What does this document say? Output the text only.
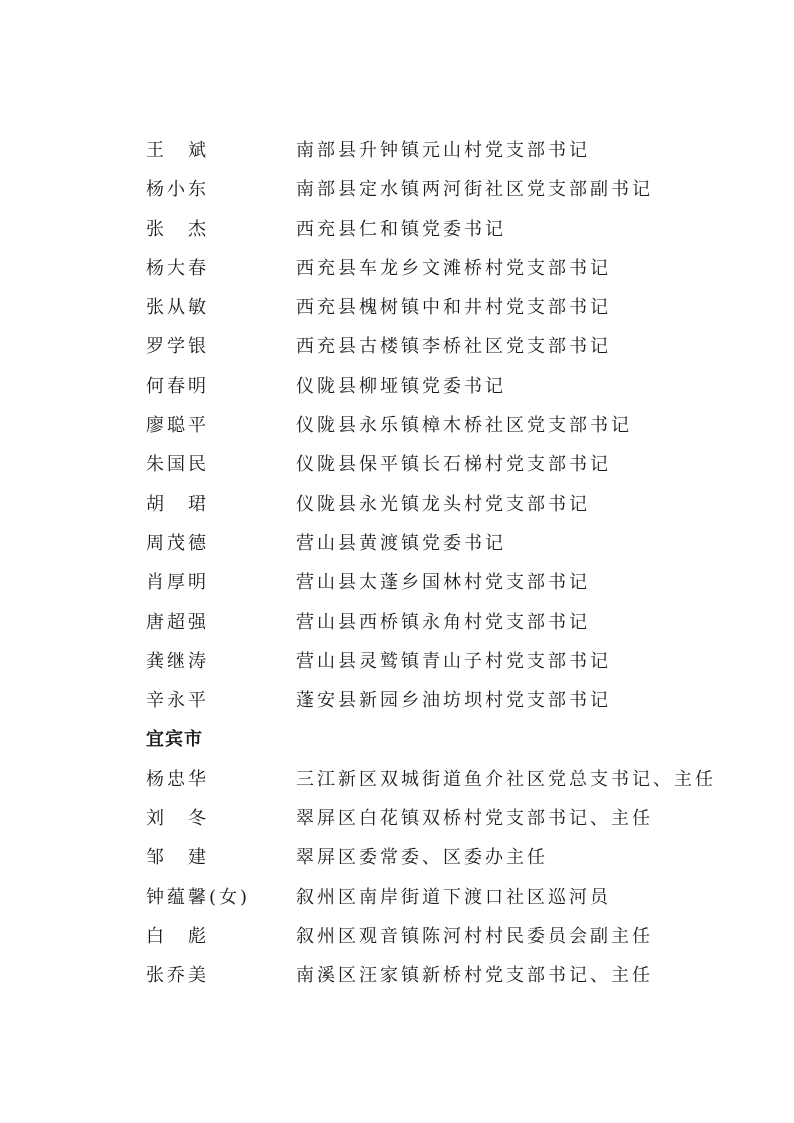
王　斌	南部县升钟镇元山村党支部书记
杨小东	南部县定水镇两河街社区党支部副书记
张　杰	西充县仁和镇党委书记
杨大春	西充县车龙乡文滩桥村党支部书记
张从敏	西充县槐树镇中和井村党支部书记
罗学银	西充县古楼镇李桥社区党支部书记
何春明	仪陇县柳垭镇党委书记
廖聪平	仪陇县永乐镇樟木桥社区党支部书记
朱国民	仪陇县保平镇长石梯村党支部书记
胡　珺	仪陇县永光镇龙头村党支部书记
周茂德	营山县黄渡镇党委书记
肖厚明	营山县太蓬乡国林村党支部书记
唐超强	营山县西桥镇永角村党支部书记
龚继涛	营山县灵鹫镇青山子村党支部书记
辛永平	蓬安县新园乡油坊坝村党支部书记
宜宾市
杨忠华	三江新区双城街道鱼介社区党总支书记、主任
刘　冬	翠屏区白花镇双桥村党支部书记、主任
邹　建	翠屏区委常委、区委办主任
钟蕴馨(女)	叙州区南岸街道下渡口社区巡河员
白　彪	叙州区观音镇陈河村村民委员会副主任
张乔美	南溪区汪家镇新桥村党支部书记、主任
